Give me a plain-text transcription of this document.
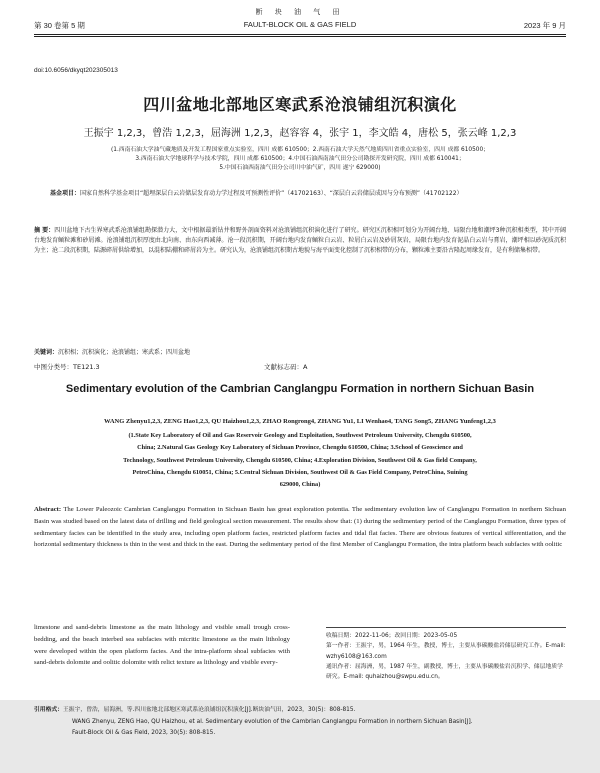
断 块 油 气 田
第 30 卷第 5 期	FAULT-BLOCK OIL & GAS FIELD	2023 年 9 月
doi:10.6056/dkyqt202305013
四川盆地北部地区寒武系沧浪铺组沉积演化
王振宇 1,2,3，曾浩 1,2,3，屈海洲 1,2,3，赵容容 4，张宇 1，李文皓 4，唐松 5，张云峰 1,2,3
(1.西南石油大学油气藏地质及开发工程国家重点实验室，四川 成都 610500；2.西南石油大学天然气地质四川省重点实验室，四川 成都 610500；
3.西南石油大学地球科学与技术学院，四川 成都 610500；4.中国石油西南油气田分公司勘探开发研究院，四川 成都 610041；
5.中国石油西南油气田分公司川中油气矿，四川 遂宁 629000)
基金项目：国家自然科学基金项目“超埋深层白云岩储层发育动力学过程及可预测性评价”（41702163）、“深层白云岩储层成因与分布预测”（41702122）
摘 要：四川盆地下古生界寒武系沧浪铺组勘探潜力大，文中根据最新钻井和野外剖面资料对沧浪铺组沉积演化进行了研究。研究区沉积相可划分为开阔台地、局限台地和潮坪3种沉积相类型，其中开阔台地发育鲕粒滩和砂屑滩。沧浪铺组沉积厚度由北向南、由东向西减薄。沧一段沉积期，开阔台地内发育鲕粒白云岩、粒屑白云岩及砂屑灰岩，局限台地内发育泥晶白云岩与膏岩，潮坪相以砂泥质沉积为主；沧二段沉积期，陆源碎屑供给增加，以混积陆棚和碎屑岩为主。研究认为，沧浪铺组沉积期古地貌与海平面变化控制了沉积相带的分布，颗粒滩主要沿古隆起周缘发育，是有利储集相带。
关键词：沉积相；沉积演化；沧浪铺组；寒武系；四川盆地
中图分类号：TE121.3	文献标志码：A
Sedimentary evolution of the Cambrian Canglangpu Formation in northern Sichuan Basin
WANG Zhenyu1,2,3, ZENG Hao1,2,3, QU Haizhou1,2,3, ZHAO Rongrong4, ZHANG Yu1, LI Wenhao4, TANG Song5, ZHANG Yunfeng1,2,3
(1.State Key Laboratory of Oil and Gas Reservoir Geology and Exploitation, Southwest Petroleum University, Chengdu 610500,
China; 2.Natural Gas Geology Key Laboratory of Sichuan Province, Chengdu 610500, China; 3.School of Geoscience and
Technology, Southwest Petroleum University, Chengdu 610500, China; 4.Exploration Division, Southwest Oil & Gas field Company,
PetroChina, Chengdu 610051, China; 5.Central Sichuan Division, Southwest Oil & Gas Field Company, PetroChina, Suining
629000, China)
Abstract: The Lower Paleozoic Cambrian Canglangpu Formation in Sichuan Basin has great exploration potentia. The sedimentary evolution law of Canglangpu Formation in northern Sichuan Basin was studied based on the latest data of drilling and field geological section measurement. The results show that: (1) during the sedimentary period of the Canglangpu Formation, three types of sedimentary facies can be identified in the study area, including open platform facies, restricted platform facies and tidal flat facies. There are obvious features of vertical sifferentiation, and the horizontal sedimentary thickness is thin in the west and thick in the east. During the sedimentary period of the first Member of Canglangpu Formation, the intra platform beach subfacies with oolitic
limestone and sand-debris limestone as the main lithology and visible small trough cross-bedding, and the beach interbed sea subfacies with micritic limestone as the main lithology were developed within the open platform facies. And the intra-platform shoal subfacies with sand-debris dolomite and oolitic dolomite with relict texture as lithology and visible every-
收稿日期：2022-11-06；改回日期：2023-05-05
第一作者：王振宇，男，1964 年生，教授，博士，主要从事碳酸盐岩储层研究工作。E-mail: wzhy6108@163.com
通讯作者：屈海洲，男，1987 年生，副教授，博士，主要从事碳酸盐岩沉积学、储层地质学研究。E-mail: quhaizhou@swpu.edu.cn。
引用格式：王振宇，曾浩，屈海洲，等.四川盆地北部地区寒武系沧浪铺组沉积演化[J].断块油气田，2023，30(5)：808-815.
WANG Zhenyu, ZENG Hao, QU Haizhou, et al. Sedimentary evolution of the Cambrian Canglangpu Formation in northern Sichuan Basin[J].
Fault-Block Oil & Gas Field, 2023, 30(5): 808-815.
